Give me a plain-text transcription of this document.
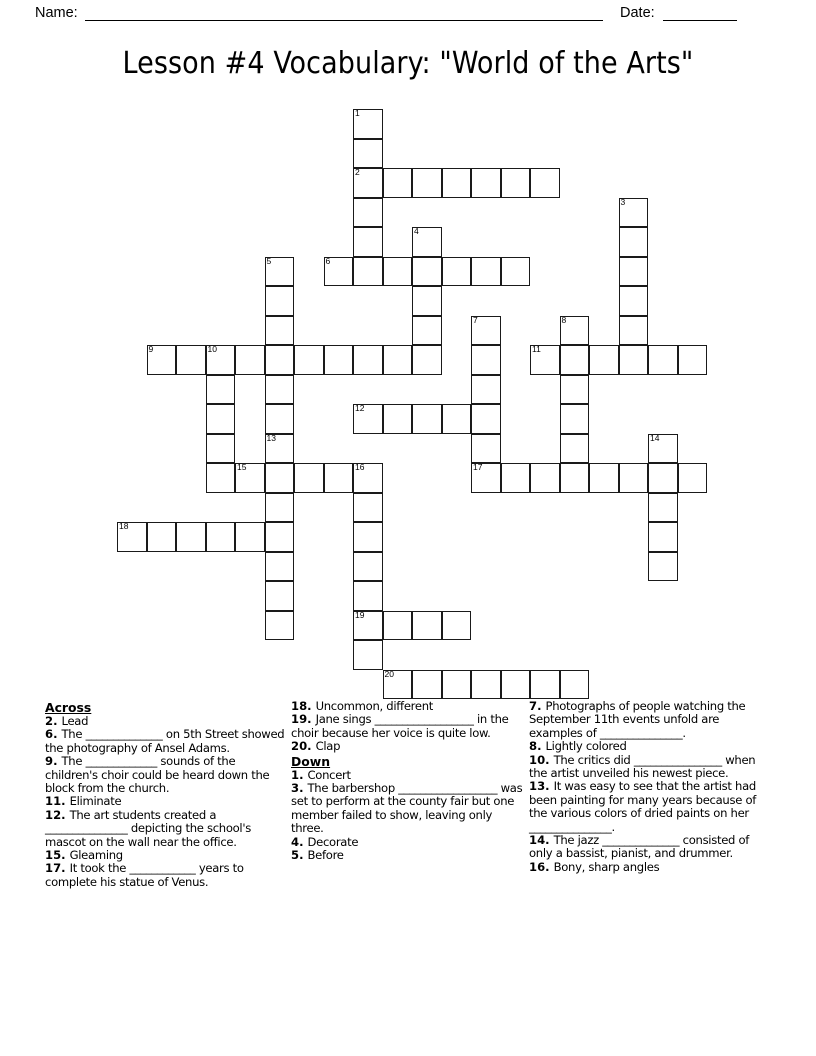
Name:	Date:
Lesson #4 Vocabulary: "World of the Arts"
1
2
3
4
5	6
7	8
9	10	11
12
13	14
15	16	17
18
19
20
Across
2. Lead
6. The ______________ on 5th Street showed the photography of Ansel Adams.
9. The _____________ sounds of the children's choir could be heard down the block from the church.
11. Eliminate
12. The art students created a _______________ depicting the school's mascot on the wall near the office.
15. Gleaming
17. It took the ____________ years to complete his statue of Venus.
18. Uncommon, different
19. Jane sings __________________ in the choir because her voice is quite low.
20. Clap
Down
1. Concert
3. The barbershop __________________ was set to perform at the county fair but one member failed to show, leaving only three.
4. Decorate
5. Before
7. Photographs of people watching the September 11th events unfold are examples of _______________.
8. Lightly colored
10. The critics did ________________ when the artist unveiled his newest piece.
13. It was easy to see that the artist had been painting for many years because of the various colors of dried paints on her _______________.
14. The jazz ______________ consisted of only a bassist, pianist, and drummer.
16. Bony, sharp angles
